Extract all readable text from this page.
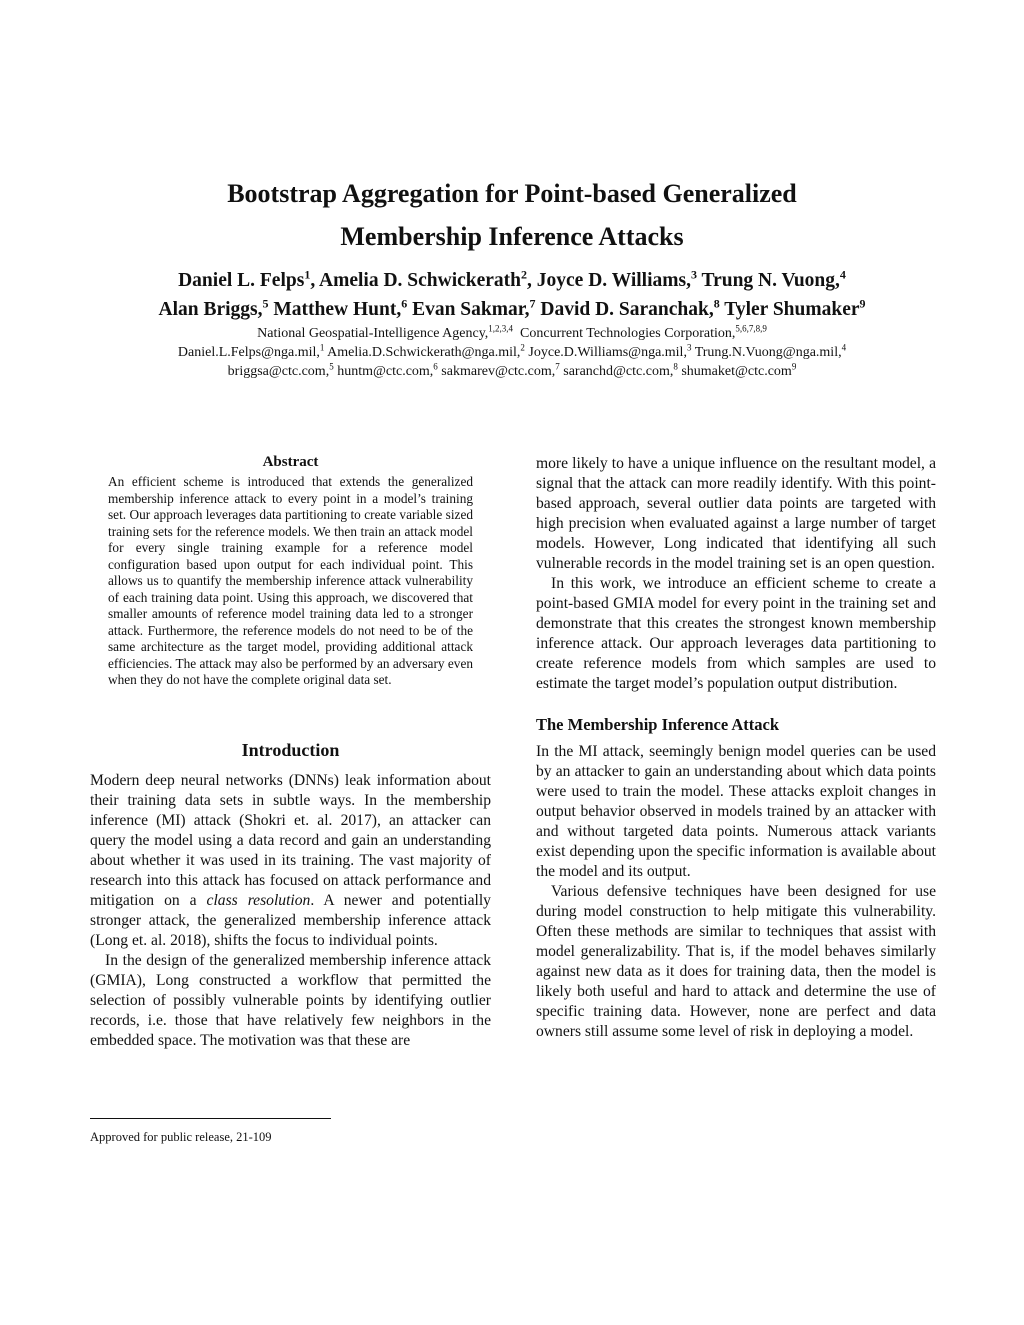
Bootstrap Aggregation for Point-based Generalized
Membership Inference Attacks
Daniel L. Felps$^1$, Amelia D. Schwickerath$^2$, Joyce D. Williams,$^3$ Trung N. Vuong,$^4$
Alan Briggs,$^5$ Matthew Hunt,$^6$ Evan Sakmar,$^7$ David D. Saranchak,$^8$ Tyler Shumaker$^9$
National Geospatial-Intelligence Agency,$^{1,2,3,4}$ Concurrent Technologies Corporation,$^{5,6,7,8,9}$
Daniel.L.Felps@nga.mil,$^1$ Amelia.D.Schwickerath@nga.mil,$^2$ Joyce.D.Williams@nga.mil,$^3$ Trung.N.Vuong@nga.mil,$^4$
briggsa@ctc.com,$^5$ huntm@ctc.com,$^6$ sakmarev@ctc.com,$^7$ saranchd@ctc.com,$^8$ shumaket@ctc.com$^9$
Abstract

An efficient scheme is introduced that extends the generalized membership inference attack to every point in a model’s training set. Our approach leverages data partitioning to create variable sized training sets for the reference models. We then train an attack model for every single training example for a reference model configuration based upon output for each individual point. This allows us to quantify the membership inference attack vulnerability of each training data point. Using this approach, we discovered that smaller amounts of reference model training data led to a stronger attack. Furthermore, the reference models do not need to be of the same architecture as the target model, providing additional attack efficiencies. The attack may also be performed by an adversary even when they do not have the complete original data set.

Introduction

Modern deep neural networks (DNNs) leak information about their training data sets in subtle ways. In the membership inference (MI) attack (Shokri et. al. 2017), an attacker can query the model using a data record and gain an understanding about whether it was used in its training. The vast majority of research into this attack has focused on attack performance and mitigation on a class resolution. A newer and potentially stronger attack, the generalized membership inference attack (Long et. al. 2018), shifts the focus to individual points.

In the design of the generalized membership inference attack (GMIA), Long constructed a workflow that permitted the selection of possibly vulnerable points by identifying outlier records, i.e. those that have relatively few neighbors in the embedded space. The motivation was that these are

more likely to have a unique influence on the resultant model, a signal that the attack can more readily identify. With this point-based approach, several outlier data points are targeted with high precision when evaluated against a large number of target models. However, Long indicated that identifying all such vulnerable records in the model training set is an open question.

In this work, we introduce an efficient scheme to create a point-based GMIA model for every point in the training set and demonstrate that this creates the strongest known membership inference attack. Our approach leverages data partitioning to create reference models from which samples are used to estimate the target model’s population output distribution.

The Membership Inference Attack

In the MI attack, seemingly benign model queries can be used by an attacker to gain an understanding about which data points were used to train the model. These attacks exploit changes in output behavior observed in models trained by an attacker with and without targeted data points. Numerous attack variants exist depending upon the specific information is available about the model and its output.

Various defensive techniques have been designed for use during model construction to help mitigate this vulnerability. Often these methods are similar to techniques that assist with model generalizability. That is, if the model behaves similarly against new data as it does for training data, then the model is likely both useful and hard to attack and determine the use of specific training data. However, none are perfect and data owners still assume some level of risk in deploying a model.

Approved for public release, 21-109
